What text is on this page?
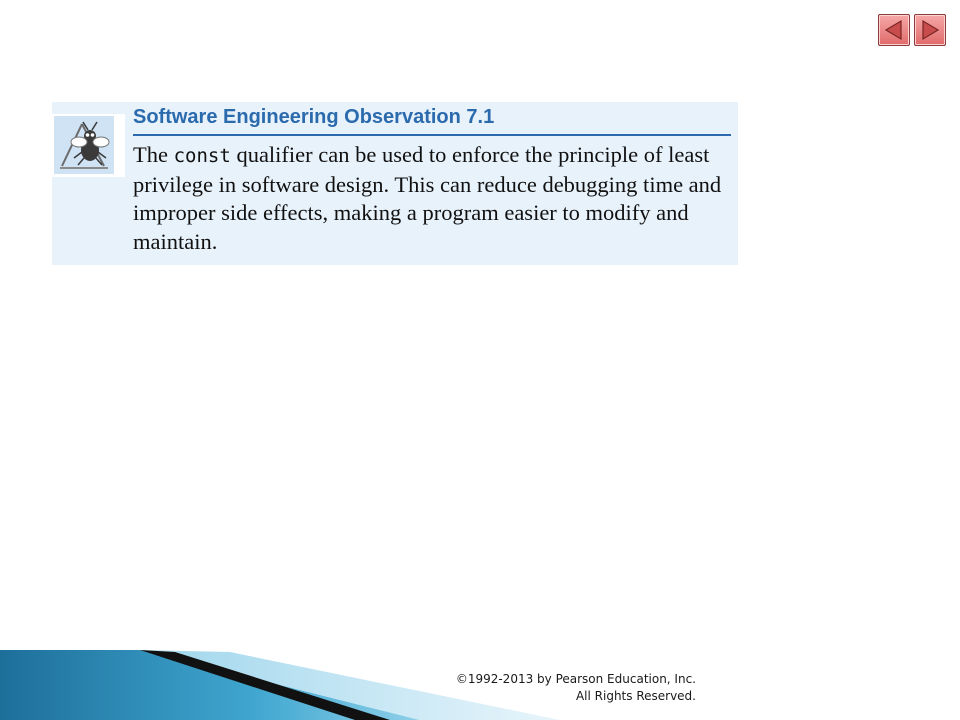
Software Engineering Observation 7.1
The const qualifier can be used to enforce the principle of least privilege in software design. This can reduce debugging time and improper side effects, making a program easier to modify and maintain.
©1992-2013 by Pearson Education, Inc.
All Rights Reserved.
